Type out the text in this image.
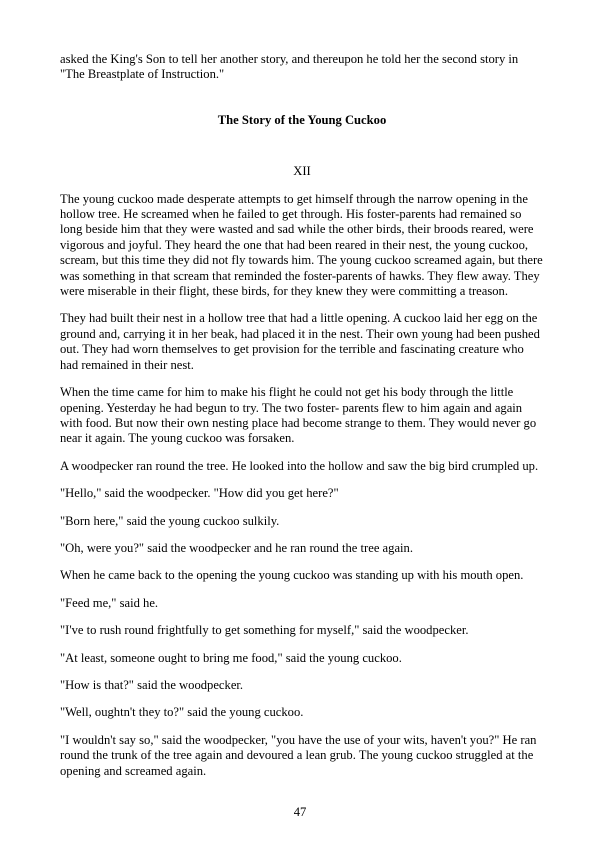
asked the King's Son to tell her another story, and thereupon he told her the second story in "The Breastplate of Instruction."

The Story of the Young Cuckoo

XII

The young cuckoo made desperate attempts to get himself through the narrow opening in the hollow tree. He screamed when he failed to get through. His foster-parents had remained so long beside him that they were wasted and sad while the other birds, their broods reared, were vigorous and joyful. They heard the one that had been reared in their nest, the young cuckoo, scream, but this time they did not fly towards him. The young cuckoo screamed again, but there was something in that scream that reminded the foster-parents of hawks. They flew away. They were miserable in their flight, these birds, for they knew they were committing a treason.

They had built their nest in a hollow tree that had a little opening. A cuckoo laid her egg on the ground and, carrying it in her beak, had placed it in the nest. Their own young had been pushed out. They had worn themselves to get provision for the terrible and fascinating creature who had remained in their nest.

When the time came for him to make his flight he could not get his body through the little opening. Yesterday he had begun to try. The two foster- parents flew to him again and again with food. But now their own nesting place had become strange to them. They would never go near it again. The young cuckoo was forsaken.

A woodpecker ran round the tree. He looked into the hollow and saw the big bird crumpled up.

"Hello," said the woodpecker. "How did you get here?"

"Born here," said the young cuckoo sulkily.

"Oh, were you?" said the woodpecker and he ran round the tree again.

When he came back to the opening the young cuckoo was standing up with his mouth open.

"Feed me," said he.

"I've to rush round frightfully to get something for myself," said the woodpecker.

"At least, someone ought to bring me food," said the young cuckoo.

"How is that?" said the woodpecker.

"Well, oughtn't they to?" said the young cuckoo.

"I wouldn't say so," said the woodpecker, "you have the use of your wits, haven't you?" He ran round the trunk of the tree again and devoured a lean grub. The young cuckoo struggled at the opening and screamed again.

47
